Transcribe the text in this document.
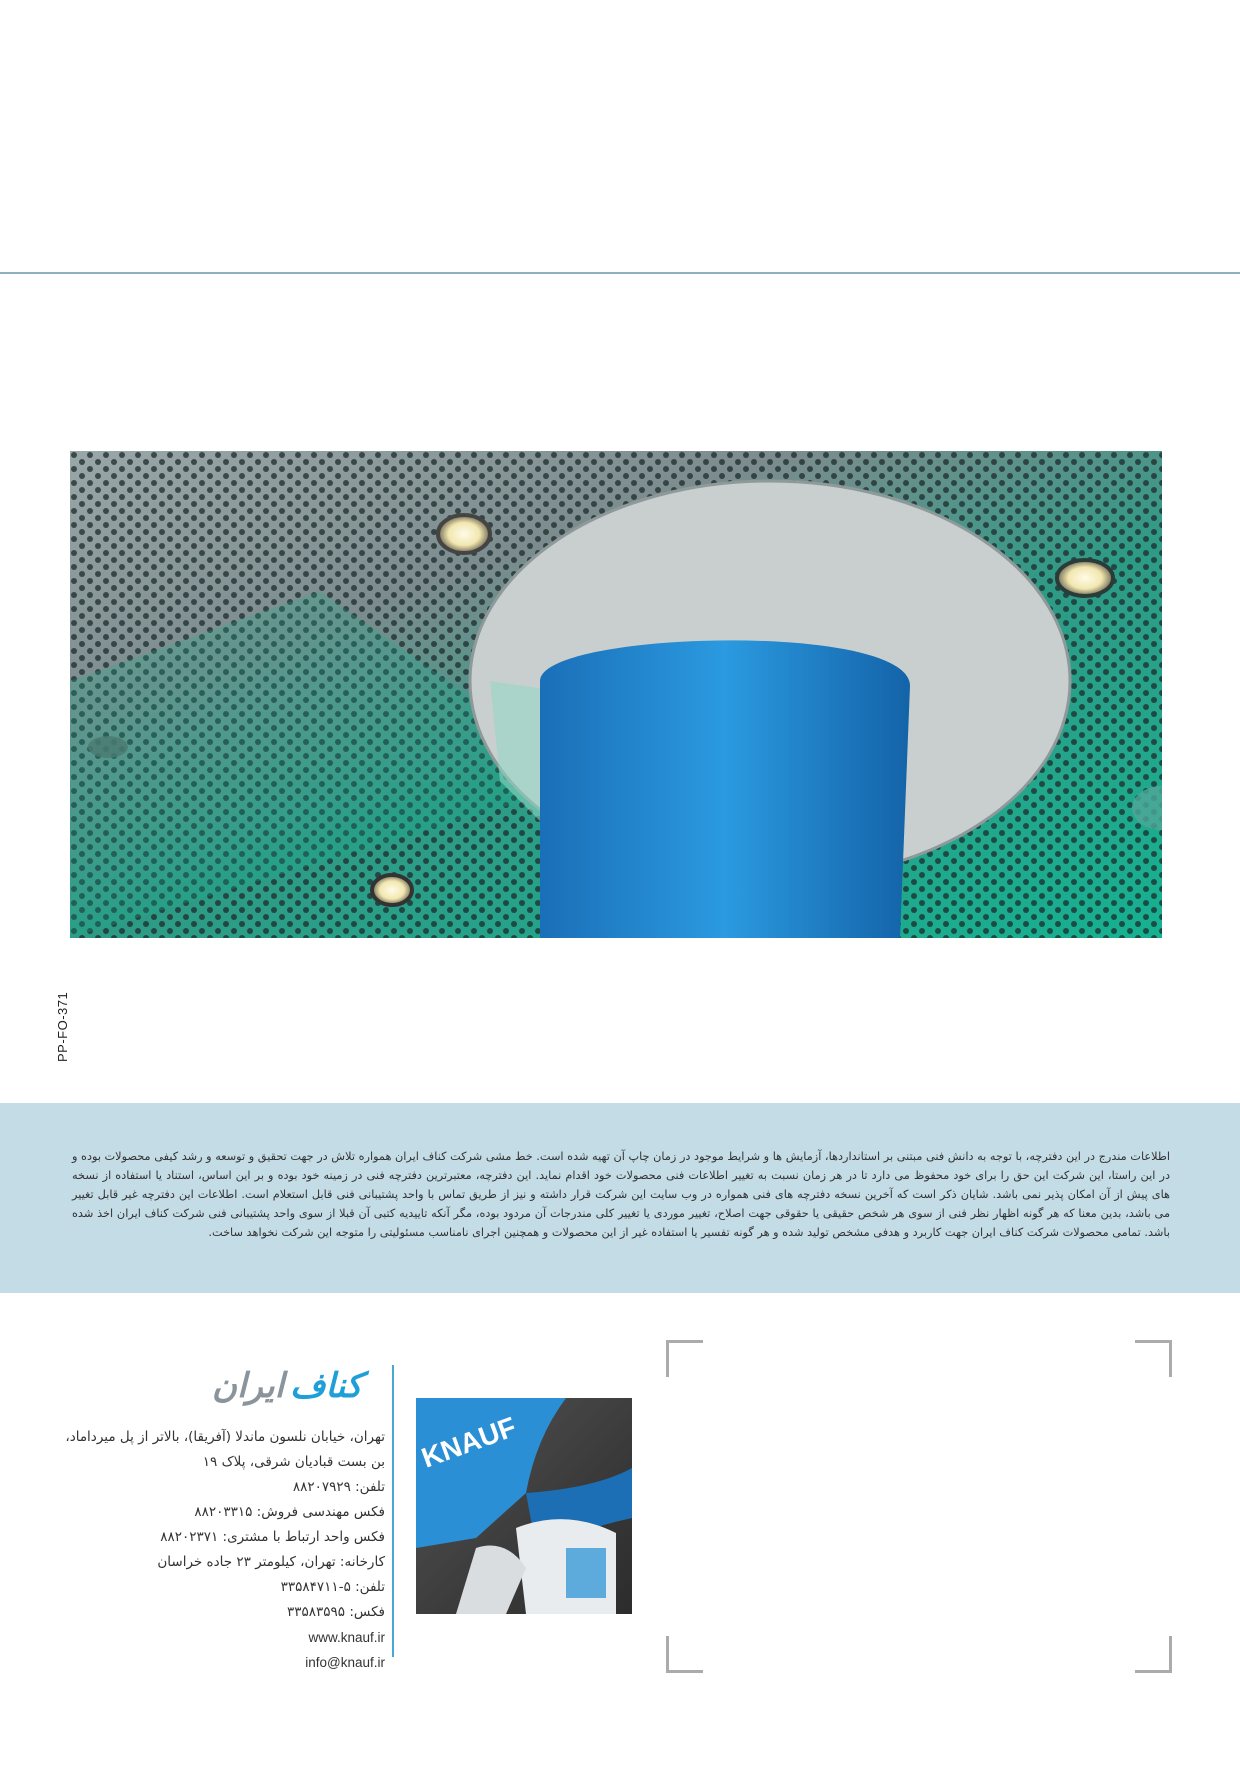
PP-FO-371

اطلاعات مندرج در این دفترچه، با توجه به دانش فنی مبتنی بر استانداردها، آزمایش ها و شرایط موجود در زمان چاپ آن تهیه شده است. خط مشی شرکت کناف ایران همواره تلاش در جهت تحقیق و توسعه و رشد کیفی محصولات بوده و در این راستا، این شرکت این حق را برای خود محفوظ می دارد تا در هر زمان نسبت به تغییر اطلاعات فنی محصولات خود اقدام نماید. این دفترچه، معتبرترین دفترچه فنی در زمینه خود بوده و بر این اساس، استناد یا استفاده از نسخه های پیش از آن امکان پذیر نمی باشد. شایان ذکر است که آخرین نسخه دفترچه های فنی همواره در وب سایت این شرکت قرار داشته و نیز از طریق تماس با واحد پشتیبانی فنی قابل استعلام است. اطلاعات این دفترچه غیر قابل تغییر می باشد، بدین معنا که هر گونه اظهار نظر فنی از سوی هر شخص حقیقی یا حقوقی جهت اصلاح، تغییر موردی یا تغییر کلی مندرجات آن مردود بوده، مگر آنکه تاییدیه کتبی آن قبلا از سوی واحد پشتیبانی فنی شرکت کناف ایران اخذ شده باشد. تمامی محصولات شرکت کناف ایران جهت کاربرد و هدفی مشخص تولید شده و هر گونه تفسیر یا استفاده غیر از این محصولات و همچنین اجرای نامناسب مسئولیتی را متوجه این شرکت نخواهد ساخت.

کناف
ایران
تهران، خیابان نلسون ماندلا (آفریقا)، بالاتر از پل میرداماد،
بن بست قبادیان شرقی، پلاک ۱۹
تلفن: ۸۸۲۰۷۹۲۹
فکس مهندسی فروش: ۸۸۲۰۳۳۱۵
فکس واحد ارتباط با مشتری: ۸۸۲۰۲۳۷۱
کارخانه: تهران، کیلومتر ۲۳ جاده خراسان
تلفن: ۵-۳۳۵۸۴۷۱۱
فکس: ۳۳۵۸۳۵۹۵
www.knauf.ir
info@knauf.ir
KNAUF
